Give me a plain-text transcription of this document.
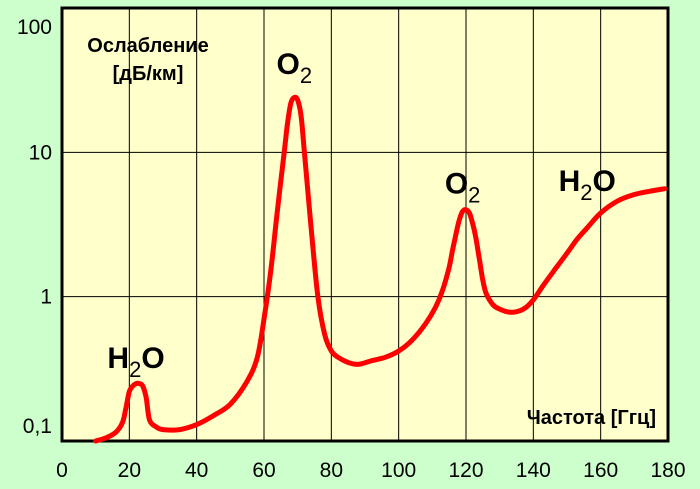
0,1
1
10
100
0 20 40 60 80 100 120 140 160 180
Ослабление
[дБ/км]
Частота [Ггц]
$H_2O$
$O_2$
$O_2$	$H_2O$
